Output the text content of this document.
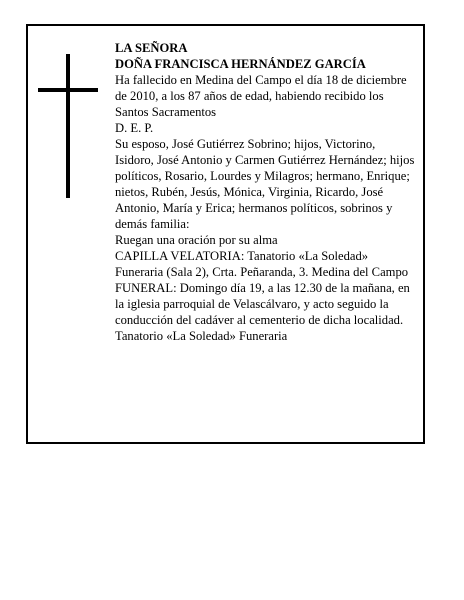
LA SEÑORA

DOÑA FRANCISCA HERNÁNDEZ GARCÍA

Ha fallecido en Medina del Campo el día 18 de diciembre de 2010, a los 87 años de edad, habiendo recibido los Santos Sacramentos

D. E. P.

Su esposo, José Gutiérrez Sobrino; hijos, Victorino, Isidoro, José Antonio y Carmen Gutiérrez Hernández; hijos políticos, Rosario, Lourdes y Milagros; hermano, Enrique; nietos, Rubén, Jesús, Mónica, Virginia, Ricardo, José Antonio, María y Erica; hermanos políticos, sobrinos y demás familia:

Ruegan una oración por su alma

CAPILLA VELATORIA: Tanatorio «La Soledad» Funeraria (Sala 2), Crta. Peñaranda, 3. Medina del Campo

FUNERAL: Domingo día 19, a las 12.30 de la mañana, en la iglesia parroquial de Velascálvaro, y acto seguido la conducción del cadáver al cementerio de dicha localidad.

Tanatorio «La Soledad» Funeraria
